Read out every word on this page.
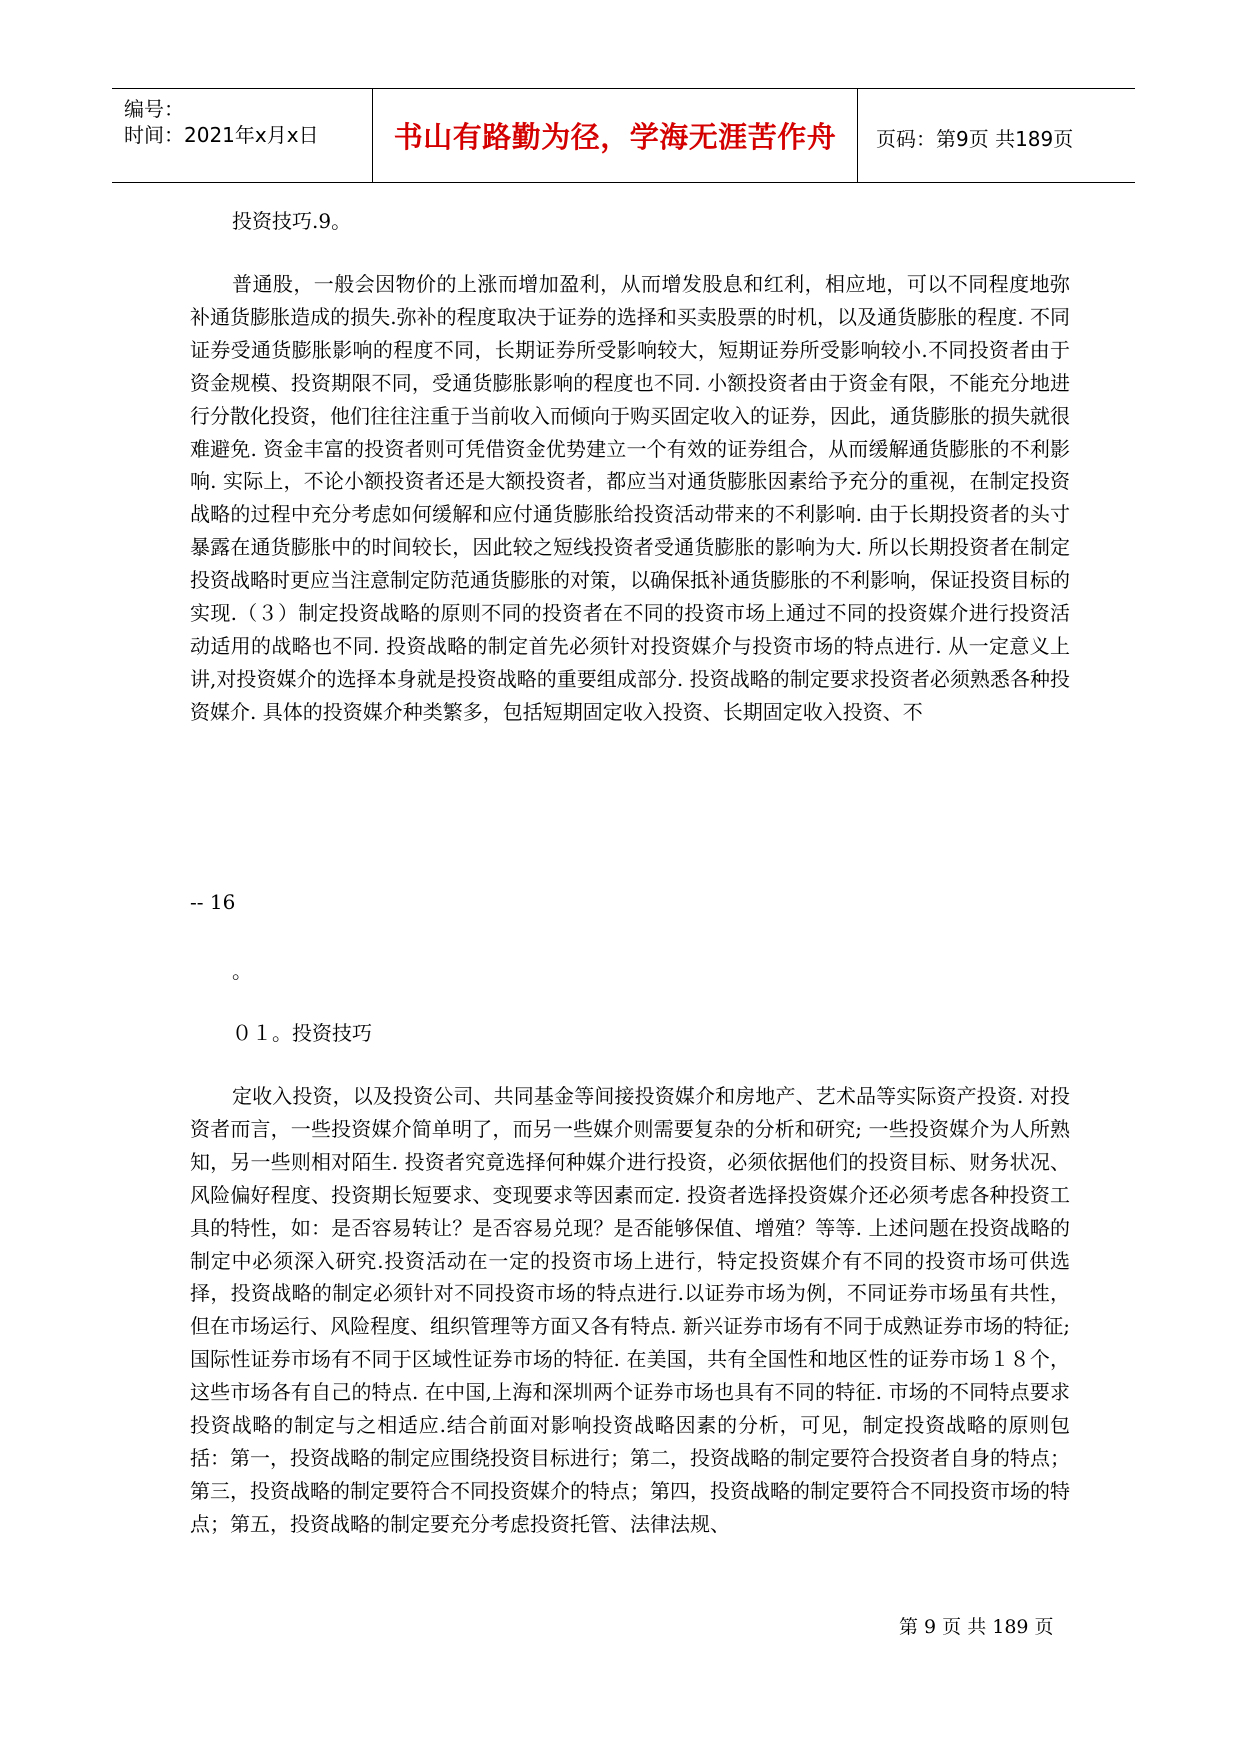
编号：
时间：2021年x月x日	书山有路勤为径，学海无涯苦作舟	页码：第9页 共189页
投资技巧.9。

普通股，一般会因物价的上涨而增加盈利，从而增发股息和红利，相应地，可以不同程度地弥补通货膨胀造成的损失.弥补的程度取决于证券的选择和买卖股票的时机，以及通货膨胀的程度. 不同证券受通货膨胀影响的程度不同，长期证券所受影响较大，短期证券所受影响较小.不同投资者由于资金规模、投资期限不同，受通货膨胀影响的程度也不同. 小额投资者由于资金有限，不能充分地进行分散化投资，他们往往注重于当前收入而倾向于购买固定收入的证券，因此，通货膨胀的损失就很难避免. 资金丰富的投资者则可凭借资金优势建立一个有效的证券组合，从而缓解通货膨胀的不利影响. 实际上，不论小额投资者还是大额投资者，都应当对通货膨胀因素给予充分的重视，在制定投资战略的过程中充分考虑如何缓解和应付通货膨胀给投资活动带来的不利影响. 由于长期投资者的头寸暴露在通货膨胀中的时间较长，因此较之短线投资者受通货膨胀的影响为大. 所以长期投资者在制定投资战略时更应当注意制定防范通货膨胀的对策，以确保抵补通货膨胀的不利影响，保证投资目标的实现.（３）制定投资战略的原则不同的投资者在不同的投资市场上通过不同的投资媒介进行投资活动适用的战略也不同. 投资战略的制定首先必须针对投资媒介与投资市场的特点进行. 从一定意义上讲,对投资媒介的选择本身就是投资战略的重要组成部分. 投资战略的制定要求投资者必须熟悉各种投资媒介. 具体的投资媒介种类繁多，包括短期固定收入投资、长期固定收入投资、不

-- 16
。
０１。投资技巧

定收入投资，以及投资公司、共同基金等间接投资媒介和房地产、艺术品等实际资产投资. 对投资者而言，一些投资媒介简单明了，而另一些媒介则需要复杂的分析和研究; 一些投资媒介为人所熟知，另一些则相对陌生. 投资者究竟选择何种媒介进行投资，必须依据他们的投资目标、财务状况、风险偏好程度、投资期长短要求、变现要求等因素而定. 投资者选择投资媒介还必须考虑各种投资工具的特性，如：是否容易转让？是否容易兑现？是否能够保值、增殖？等等. 上述问题在投资战略的制定中必须深入研究.投资活动在一定的投资市场上进行，特定投资媒介有不同的投资市场可供选择，投资战略的制定必须针对不同投资市场的特点进行.以证券市场为例，不同证券市场虽有共性，但在市场运行、风险程度、组织管理等方面又各有特点. 新兴证券市场有不同于成熟证券市场的特征; 国际性证券市场有不同于区域性证券市场的特征. 在美国，共有全国性和地区性的证券市场１８个，这些市场各有自己的特点. 在中国,上海和深圳两个证券市场也具有不同的特征. 市场的不同特点要求投资战略的制定与之相适应.结合前面对影响投资战略因素的分析，可见，制定投资战略的原则包括：第一，投资战略的制定应围绕投资目标进行；第二，投资战略的制定要符合投资者自身的特点；第三，投资战略的制定要符合不同投资媒介的特点；第四，投资战略的制定要符合不同投资市场的特点；第五，投资战略的制定要充分考虑投资托管、法律法规、

第 9 页 共 189 页
